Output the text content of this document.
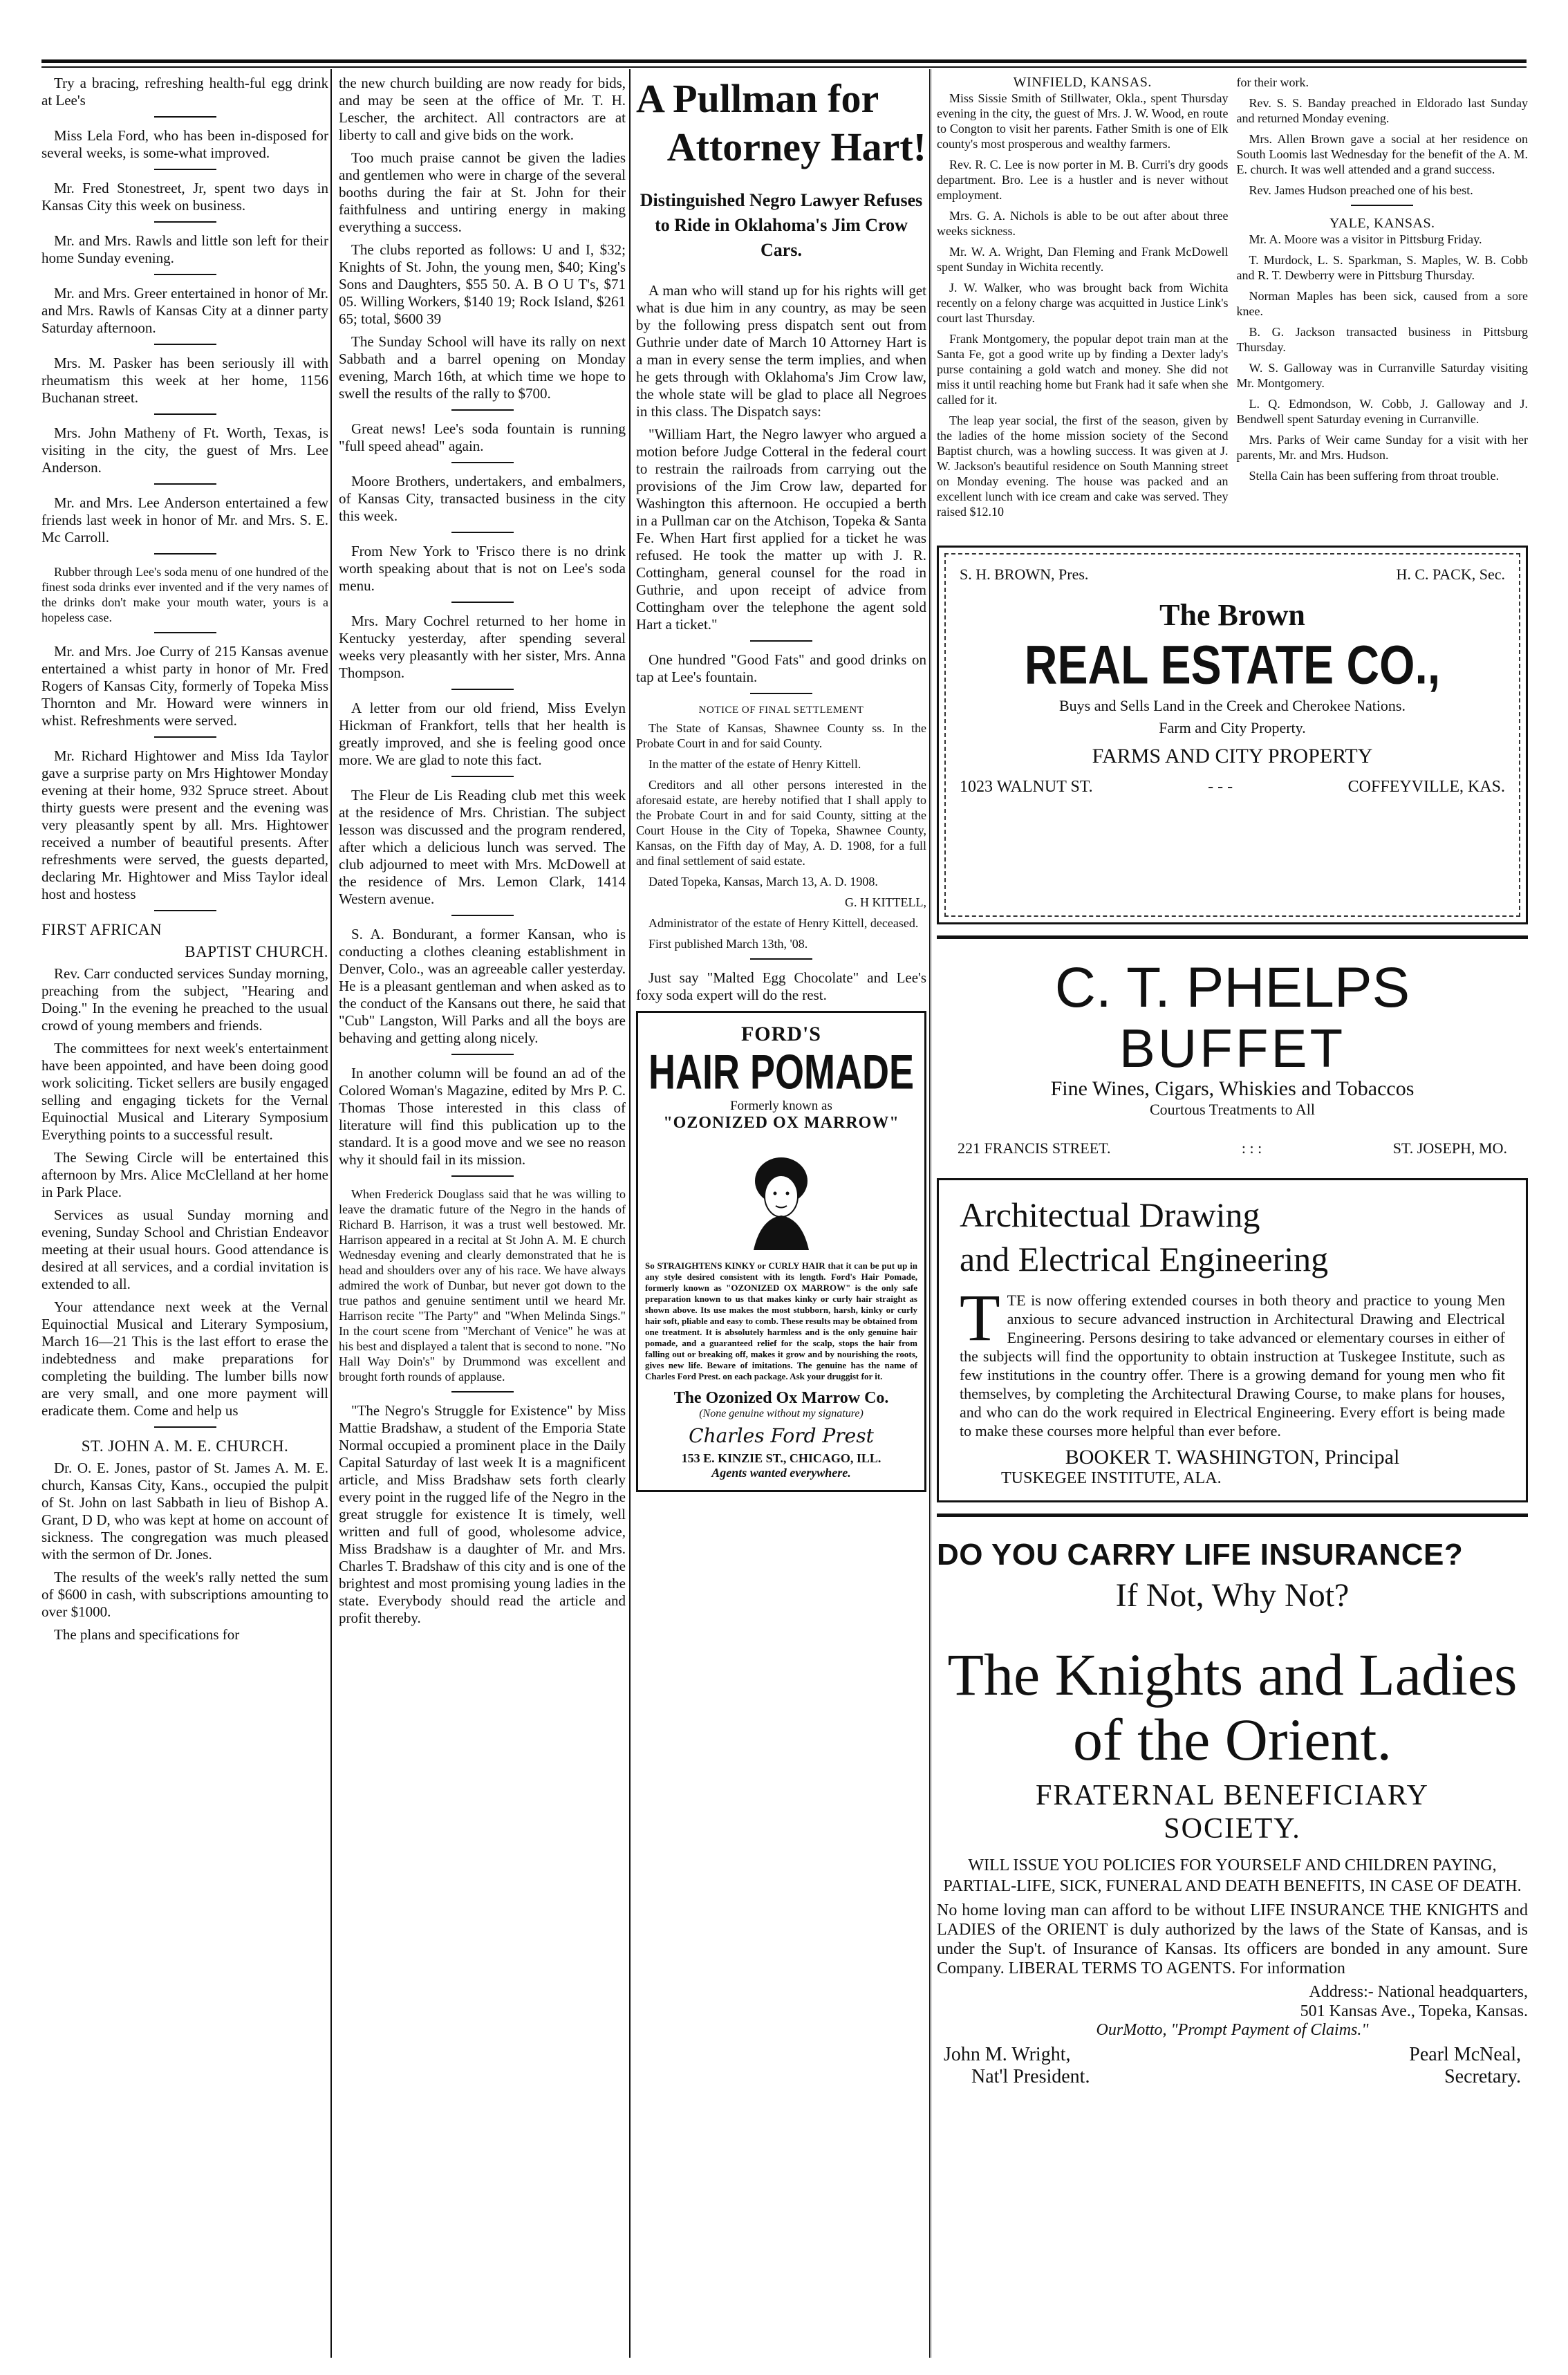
Try a bracing, refreshing health-ful egg drink at Lee's

Miss Lela Ford, who has been in-disposed for several weeks, is some-what improved.

Mr. Fred Stonestreet, Jr, spent two days in Kansas City this week on business.

Mr. and Mrs. Rawls and little son left for their home Sunday evening.

Mr. and Mrs. Greer entertained in honor of Mr. and Mrs. Rawls of Kansas City at a dinner party Saturday afternoon.

Mrs. M. Pasker has been seriously ill with rheumatism this week at her home, 1156 Buchanan street.

Mrs. John Matheny of Ft. Worth, Texas, is visiting in the city, the guest of Mrs. Lee Anderson.

Mr. and Mrs. Lee Anderson entertained a few friends last week in honor of Mr. and Mrs. S. E. Mc Carroll.

Rubber through Lee's soda menu of one hundred of the finest soda drinks ever invented and if the very names of the drinks don't make your mouth water, yours is a hopeless case.

Mr. and Mrs. Joe Curry of 215 Kansas avenue entertained a whist party in honor of Mr. Fred Rogers of Kansas City, formerly of Topeka Miss Thornton and Mr. Howard were winners in whist. Refreshments were served.

Mr. Richard Hightower and Miss Ida Taylor gave a surprise party on Mrs Hightower Monday evening at their home, 932 Spruce street. About thirty guests were present and the evening was very pleasantly spent by all. Mrs. Hightower received a number of beautiful presents. After refreshments were served, the guests departed, declaring Mr. Hightower and Miss Taylor ideal host and hostess

FIRST AFRICAN
BAPTIST CHURCH.

Rev. Carr conducted services Sunday morning, preaching from the subject, "Hearing and Doing." In the evening he preached to the usual crowd of young members and friends.

The committees for next week's entertainment have been appointed, and have been doing good work soliciting. Ticket sellers are busily engaged selling and engaging tickets for the Vernal Equinoctial Musical and Literary Symposium Everything points to a successful result.

The Sewing Circle will be entertained this afternoon by Mrs. Alice McClelland at her home in Park Place.

Services as usual Sunday morning and evening, Sunday School and Christian Endeavor meeting at their usual hours. Good attendance is desired at all services, and a cordial invitation is extended to all.

Your attendance next week at the Vernal Equinoctial Musical and Literary Symposium, March 16—21 This is the last effort to erase the indebtedness and make preparations for completing the building. The lumber bills now are very small, and one more payment will eradicate them. Come and help us

ST. JOHN A. M. E. CHURCH.

Dr. O. E. Jones, pastor of St. James A. M. E. church, Kansas City, Kans., occupied the pulpit of St. John on last Sabbath in lieu of Bishop A. Grant, D D, who was kept at home on account of sickness. The congregation was much pleased with the sermon of Dr. Jones.

The results of the week's rally netted the sum of $600 in cash, with subscriptions amounting to over $1000.

The plans and specifications for

the new church building are now ready for bids, and may be seen at the office of Mr. T. H. Lescher, the architect. All contractors are at liberty to call and give bids on the work.

Too much praise cannot be given the ladies and gentlemen who were in charge of the several booths during the fair at St. John for their faithfulness and untiring energy in making everything a success.

The clubs reported as follows: U and I, $32; Knights of St. John, the young men, $40; King's Sons and Daughters, $55 50. A. B O U T's, $71 05. Willing Workers, $140 19; Rock Island, $261 65; total, $600 39

The Sunday School will have its rally on next Sabbath and a barrel opening on Monday evening, March 16th, at which time we hope to swell the results of the rally to $700.

Great news! Lee's soda fountain is running "full speed ahead" again.

Moore Brothers, undertakers, and embalmers, of Kansas City, transacted business in the city this week.

From New York to 'Frisco there is no drink worth speaking about that is not on Lee's soda menu.

Mrs. Mary Cochrel returned to her home in Kentucky yesterday, after spending several weeks very pleasantly with her sister, Mrs. Anna Thompson.

A letter from our old friend, Miss Evelyn Hickman of Frankfort, tells that her health is greatly improved, and she is feeling good once more. We are glad to note this fact.

The Fleur de Lis Reading club met this week at the residence of Mrs. Christian. The subject lesson was discussed and the program rendered, after which a delicious lunch was served. The club adjourned to meet with Mrs. McDowell at the residence of Mrs. Lemon Clark, 1414 Western avenue.

S. A. Bondurant, a former Kansan, who is conducting a clothes cleaning establishment in Denver, Colo., was an agreeable caller yesterday. He is a pleasant gentleman and when asked as to the conduct of the Kansans out there, he said that "Cub" Langston, Will Parks and all the boys are behaving and getting along nicely.

In another column will be found an ad of the Colored Woman's Magazine, edited by Mrs P. C. Thomas Those interested in this class of literature will find this publication up to the standard. It is a good move and we see no reason why it should fail in its mission.

When Frederick Douglass said that he was willing to leave the dramatic future of the Negro in the hands of Richard B. Harrison, it was a trust well bestowed. Mr. Harrison appeared in a recital at St John A. M. E church Wednesday evening and clearly demonstrated that he is head and shoulders over any of his race. We have always admired the work of Dunbar, but never got down to the true pathos and genuine sentiment until we heard Mr. Harrison recite "The Party" and "When Melinda Sings." In the court scene from "Merchant of Venice" he was at his best and displayed a talent that is second to none. "No Hall Way Doin's" by Drummond was excellent and brought forth rounds of applause.

"The Negro's Struggle for Existence" by Miss Mattie Bradshaw, a student of the Emporia State Normal occupied a prominent place in the Daily Capital Saturday of last week It is a magnificent article, and Miss Bradshaw sets forth clearly every point in the rugged life of the Negro in the great struggle for existence It is timely, well written and full of good, wholesome advice, Miss Bradshaw is a daughter of Mr. and Mrs. Charles T. Bradshaw of this city and is one of the brightest and most promising young ladies in the state. Everybody should read the article and profit thereby.

A Pullman for
Attorney Hart!
Distinguished Negro Lawyer Refuses to Ride in Oklahoma's Jim Crow Cars.

A man who will stand up for his rights will get what is due him in any country, as may be seen by the following press dispatch sent out from Guthrie under date of March 10 Attorney Hart is a man in every sense the term implies, and when he gets through with Oklahoma's Jim Crow law, the whole state will be glad to place all Negroes in this class. The Dispatch says:

"William Hart, the Negro lawyer who argued a motion before Judge Cotteral in the federal court to restrain the railroads from carrying out the provisions of the Jim Crow law, departed for Washington this afternoon. He occupied a berth in a Pullman car on the Atchison, Topeka & Santa Fe. When Hart first applied for a ticket he was refused. He took the matter up with J. R. Cottingham, general counsel for the road in Guthrie, and upon receipt of advice from Cottingham over the telephone the agent sold Hart a ticket."

One hundred "Good Fats" and good drinks on tap at Lee's fountain.

NOTICE OF FINAL SETTLEMENT

The State of Kansas, Shawnee County ss. In the Probate Court in and for said County.

In the matter of the estate of Henry Kittell.

Creditors and all other persons interested in the aforesaid estate, are hereby notified that I shall apply to the Probate Court in and for said County, sitting at the Court House in the City of Topeka, Shawnee County, Kansas, on the Fifth day of May, A. D. 1908, for a full and final settlement of said estate.

Dated Topeka, Kansas, March 13, A. D. 1908.

G. H KITTELL,

Administrator of the estate of Henry Kittell, deceased.

First published March 13th, '08.

Just say "Malted Egg Chocolate" and Lee's foxy soda expert will do the rest.

FORD'S
HAIR POMADE
Formerly known as
"OZONIZED OX MARROW"
So STRAIGHTENS KINKY or CURLY HAIR that it can be put up in any style desired consistent with its length. Ford's Hair Pomade, formerly known as "OZONIZED OX MARROW" is the only safe preparation known to us that makes kinky or curly hair straight as shown above. Its use makes the most stubborn, harsh, kinky or curly hair soft, pliable and easy to comb. These results may be obtained from one treatment. It is absolutely harmless and is the only genuine hair pomade, and a guaranteed relief for the scalp, stops the hair from falling out or breaking off, makes it grow and by nourishing the roots, gives new life. Beware of imitations. The genuine has the name of Charles Ford Prest. on each package. Ask your druggist for it.
The Ozonized Ox Marrow Co.
(None genuine without my signature)
Charles Ford Prest
153 E. KINZIE ST., CHICAGO, ILL.
Agents wanted everywhere.
WINFIELD, KANSAS.

Miss Sissie Smith of Stillwater, Okla., spent Thursday evening in the city, the guest of Mrs. J. W. Wood, en route to Congton to visit her parents. Father Smith is one of Elk county's most prosperous and wealthy farmers.

Rev. R. C. Lee is now porter in M. B. Curri's dry goods department. Bro. Lee is a hustler and is never without employment.

Mrs. G. A. Nichols is able to be out after about three weeks sickness.

Mr. W. A. Wright, Dan Fleming and Frank McDowell spent Sunday in Wichita recently.

J. W. Walker, who was brought back from Wichita recently on a felony charge was acquitted in Justice Link's court last Thursday.

Frank Montgomery, the popular depot train man at the Santa Fe, got a good write up by finding a Dexter lady's purse containing a gold watch and money. She did not miss it until reaching home but Frank had it safe when she called for it.

The leap year social, the first of the season, given by the ladies of the home mission society of the Second Baptist church, was a howling success. It was given at J. W. Jackson's beautiful residence on South Manning street on Monday evening. The house was packed and an excellent lunch with ice cream and cake was served. They raised $12.10

for their work.

Rev. S. S. Banday preached in Eldorado last Sunday and returned Monday evening.

Mrs. Allen Brown gave a social at her residence on South Loomis last Wednesday for the benefit of the A. M. E. church. It was well attended and a grand success.

Rev. James Hudson preached one of his best.

YALE, KANSAS.

Mr. A. Moore was a visitor in Pittsburg Friday.

T. Murdock, L. S. Sparkman, S. Maples, W. B. Cobb and R. T. Dewberry were in Pittsburg Thursday.

Norman Maples has been sick, caused from a sore knee.

B. G. Jackson transacted business in Pittsburg Thursday.

W. S. Galloway was in Curranville Saturday visiting Mr. Montgomery.

L. Q. Edmondson, W. Cobb, J. Galloway and J. Bendwell spent Saturday evening in Curranville.

Mrs. Parks of Weir came Sunday for a visit with her parents, Mr. and Mrs. Hudson.

Stella Cain has been suffering from throat trouble.

S. H. BROWN, Pres.	H. C. PACK, Sec.
The Brown
REAL ESTATE CO.,
Buys and Sells Land in the Creek and Cherokee Nations.
Farm and City Property.
FARMS AND CITY PROPERTY
1023 WALNUT ST.	- - -	COFFEYVILLE, KAS.
C. T. PHELPS
BUFFET
Fine Wines, Cigars, Whiskies and Tobaccos
Courtous Treatments to All
221 FRANCIS STREET.	: : :	ST. JOSEPH, MO.
Architectual Drawing
and Electrical Engineering

TTE is now offering extended courses in both theory and practice to young Men anxious to secure advanced instruction in Architectural Drawing and Electrical Engineering. Persons desiring to take advanced or elementary courses in either of the subjects will find the opportunity to obtain instruction at Tuskegee Institute, such as few institutions in the country offer. There is a growing demand for young men who fit themselves, by completing the Architectural Drawing Course, to make plans for houses, and who can do the work required in Electrical Engineering. Every effort is being made to make these courses more helpful than ever before.

BOOKER T. WASHINGTON, Principal
TUSKEGEE INSTITUTE, ALA.
DO YOU CARRY LIFE INSURANCE?
If Not, Why Not?
The Knights and Ladies
of the Orient.
FRATERNAL BENEFICIARY
SOCIETY.
WILL ISSUE YOU POLICIES FOR YOURSELF AND CHILDREN PAYING, PARTIAL-LIFE, SICK, FUNERAL AND DEATH BENEFITS, IN CASE OF DEATH.

No home loving man can afford to be without LIFE INSURANCE THE KNIGHTS and LADIES of the ORIENT is duly authorized by the laws of the State of Kansas, and is under the Sup't. of Insurance of Kansas. Its officers are bonded in any amount. Sure Company. LIBERAL TERMS TO AGENTS. For information

Address:- National headquarters,
501 Kansas Ave., Topeka, Kansas.
OurMotto, "Prompt Payment of Claims."
John M. Wright,
Nat'l President.
Pearl McNeal,
Secretary.
